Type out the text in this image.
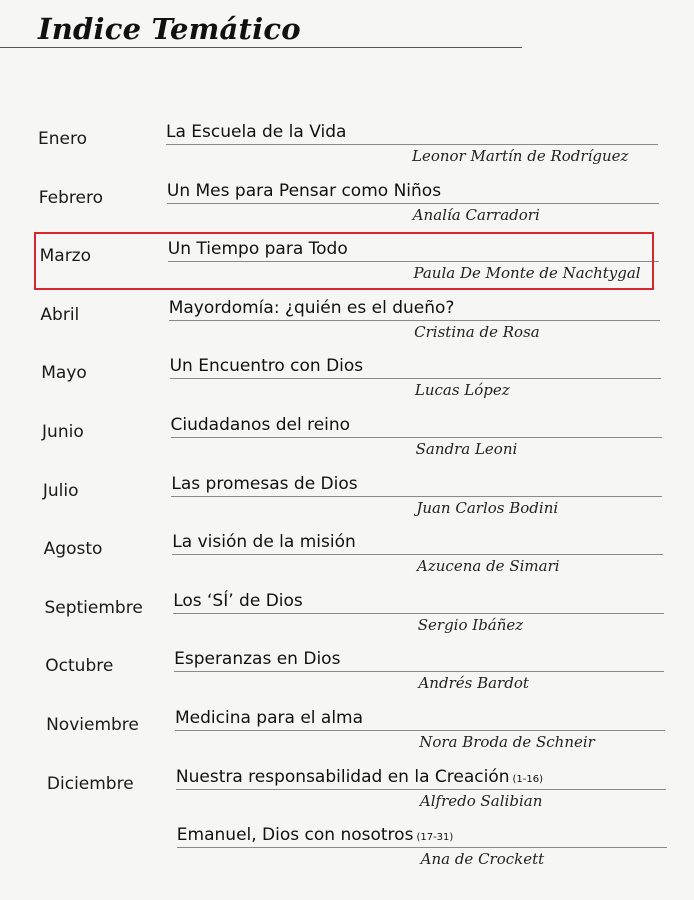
Indice Temático
Enero	La Escuela de la Vida
Leonor Martín de Rodríguez
Febrero	Un Mes para Pensar como Niños
Analía Carradori
Marzo	Un Tiempo para Todo
Paula De Monte de Nachtygal
Abril	Mayordomía: ¿quién es el dueño?
Cristina de Rosa
Mayo	Un Encuentro con Dios
Lucas López
Junio	Ciudadanos del reino
Sandra Leoni
Julio	Las promesas de Dios
Juan Carlos Bodini
Agosto	La visión de la misión
Azucena de Simari
Septiembre Los ‘SÍ’ de Dios
Sergio Ibáñez
Octubre	Esperanzas en Dios
Andrés Bardot
Noviembre Medicina para el alma
Nora Broda de Schneir
Diciembre Nuestra responsabilidad en la Creación (1-16)
Alfredo Salibian
Emanuel, Dios con nosotros (17-31)
Ana de Crockett
